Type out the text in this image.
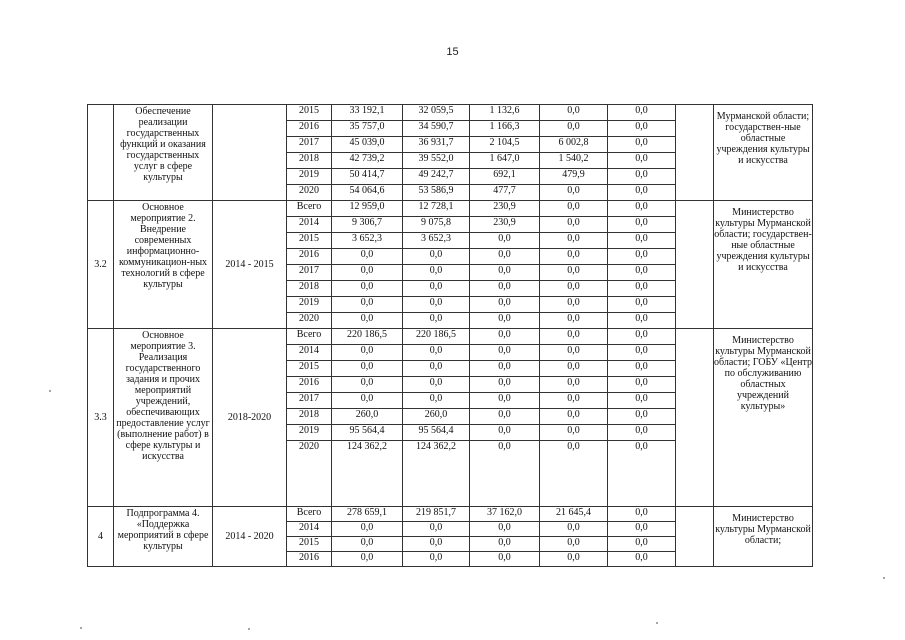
15
	Обеспечение реализации государственных функций и оказания государственных услуг в сфере культуры		2015	33 192,1	32 059,5	1 132,6	0,0	0,0		Мурманской области; государствен-ные областные учреждения культуры и искусства
			2016	35 757,0	34 590,7	1 166,3	0,0	0,0		
			2017	45 039,0	36 931,7	2 104,5	6 002,8	0,0		
			2018	42 739,2	39 552,0	1 647,0	1 540,2	0,0		
			2019	50 414,7	49 242,7	692,1	479,9	0,0		
			2020	54 064,6	53 586,9	477,7	0,0	0,0		
3.2	Основное мероприятие 2. Внедрение современных информационно-коммуникацион-ных технологий в сфере культуры	2014 - 2015	Всего	12 959,0	12 728,1	230,9	0,0	0,0		Министерство культуры Мурманской области; государствен-ные областные учреждения культуры и искусства
			2014	9 306,7	9 075,8	230,9	0,0	0,0		
			2015	3 652,3	3 652,3	0,0	0,0	0,0		
			2016	0,0	0,0	0,0	0,0	0,0		
			2017	0,0	0,0	0,0	0,0	0,0		
			2018	0,0	0,0	0,0	0,0	0,0		
			2019	0,0	0,0	0,0	0,0	0,0		
			2020	0,0	0,0	0,0	0,0	0,0		
3.3	Основное мероприятие 3. Реализация государственного задания и прочих мероприятий учреждений, обеспечивающих предоставление услуг (выполнение работ) в сфере культуры и искусства	2018-2020	Всего	220 186,5	220 186,5	0,0	0,0	0,0		Министерство культуры Мурманской области; ГОБУ «Центр по обслуживанию областных учреждений культуры»
			2014	0,0	0,0	0,0	0,0	0,0		
			2015	0,0	0,0	0,0	0,0	0,0		
			2016	0,0	0,0	0,0	0,0	0,0		
			2017	0,0	0,0	0,0	0,0	0,0		
			2018	260,0	260,0	0,0	0,0	0,0		
			2019	95 564,4	95 564,4	0,0	0,0	0,0		
			2020	124 362,2	124 362,2	0,0	0,0	0,0		
4	Подпрограмма 4. «Поддержка мероприятий в сфере культуры	2014 - 2020	Всего	278 659,1	219 851,7	37 162,0	21 645,4	0,0		Министерство культуры Мурманской области;
			2014	0,0	0,0	0,0	0,0	0,0		
			2015	0,0	0,0	0,0	0,0	0,0		
			2016	0,0	0,0	0,0	0,0	0,0		
